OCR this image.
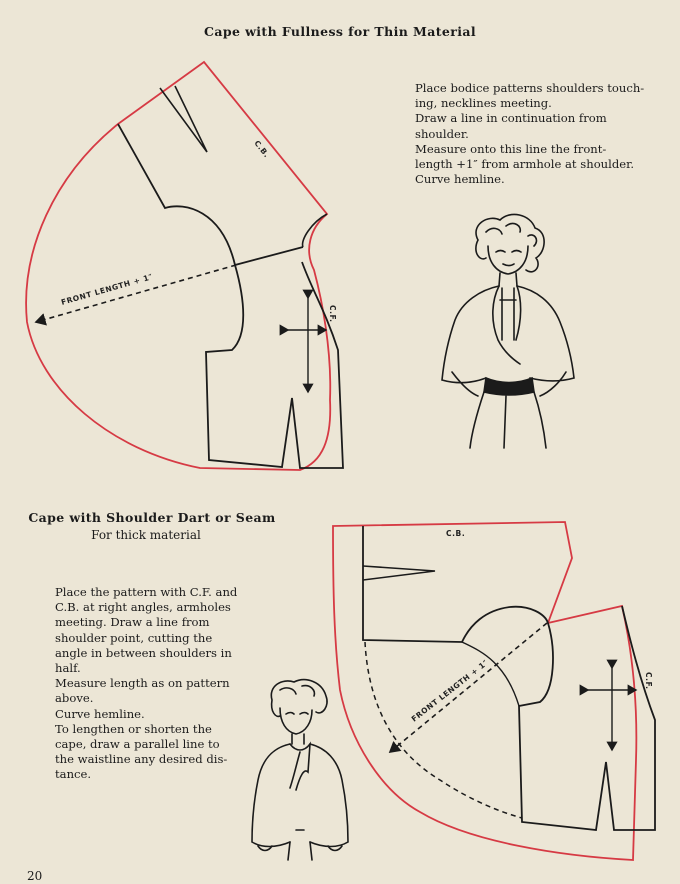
Cape with Fullness for Thin Material
Cape with Shoulder Dart or Seam
For thick material
Place bodice patterns shoulders touch-
ing, necklines meeting.
Draw a line in continuation from
shoulder.
Measure onto this line the front-
length +1″ from armhole at shoulder.
Curve hemline.
Place the pattern with C.F. and
C.B. at right angles, armholes
meeting. Draw a line from
shoulder point, cutting the
angle in between shoulders in
half.
Measure length as on pattern
above.
Curve hemline.
To lengthen or shorten the
cape, draw a parallel line to
the waistline any desired dis-
tance.
20
C.B.
C.F.
FRONT LENGTH + 1″
C.B.
C.F.
FRONT LENGTH + 1″
